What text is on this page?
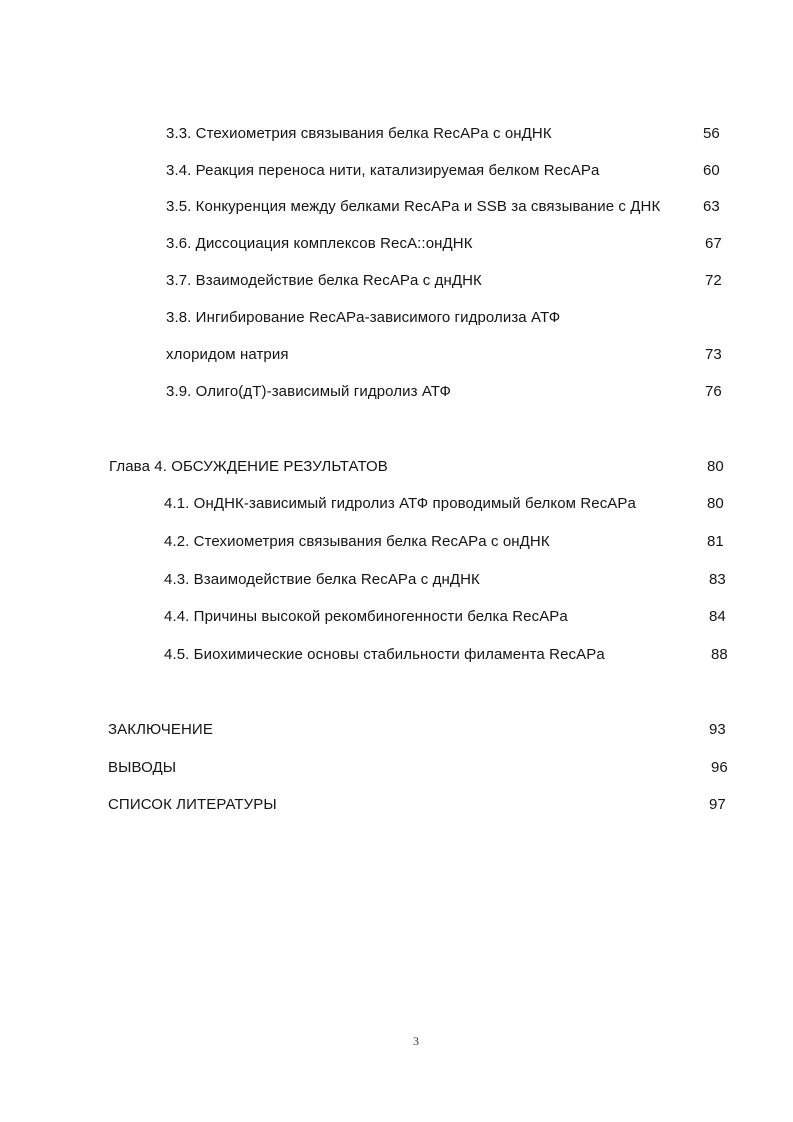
3.3. Стехиометрия связывания белка RecAPa с онДНК	56
3.4. Реакция переноса нити, катализируемая белком RecAPa	60
3.5. Конкуренция между белками RecAPa и SSB за связывание с ДНК	63
3.6. Диссоциация комплексов RecA::онДНК	67
3.7. Взаимодействие белка RecAPa с днДНК	72
3.8. Ингибирование RecAPa-зависимого гидролиза АТФ
хлоридом натрия	73
3.9. Олиго(дТ)-зависимый гидролиз АТФ	76
Глава 4. ОБСУЖДЕНИЕ РЕЗУЛЬТАТОВ	80
4.1. ОнДНК-зависимый гидролиз АТФ проводимый белком RecAPa	80
4.2. Стехиометрия связывания белка RecAPa с онДНК	81
4.3. Взаимодействие белка RecAPa с днДНК	83
4.4. Причины высокой рекомбиногенности белка RecAPa	84
4.5. Биохимические основы стабильности филамента RecAPa	88
ЗАКЛЮЧЕНИЕ	93
ВЫВОДЫ	96
СПИСОК ЛИТЕРАТУРЫ	97
3
